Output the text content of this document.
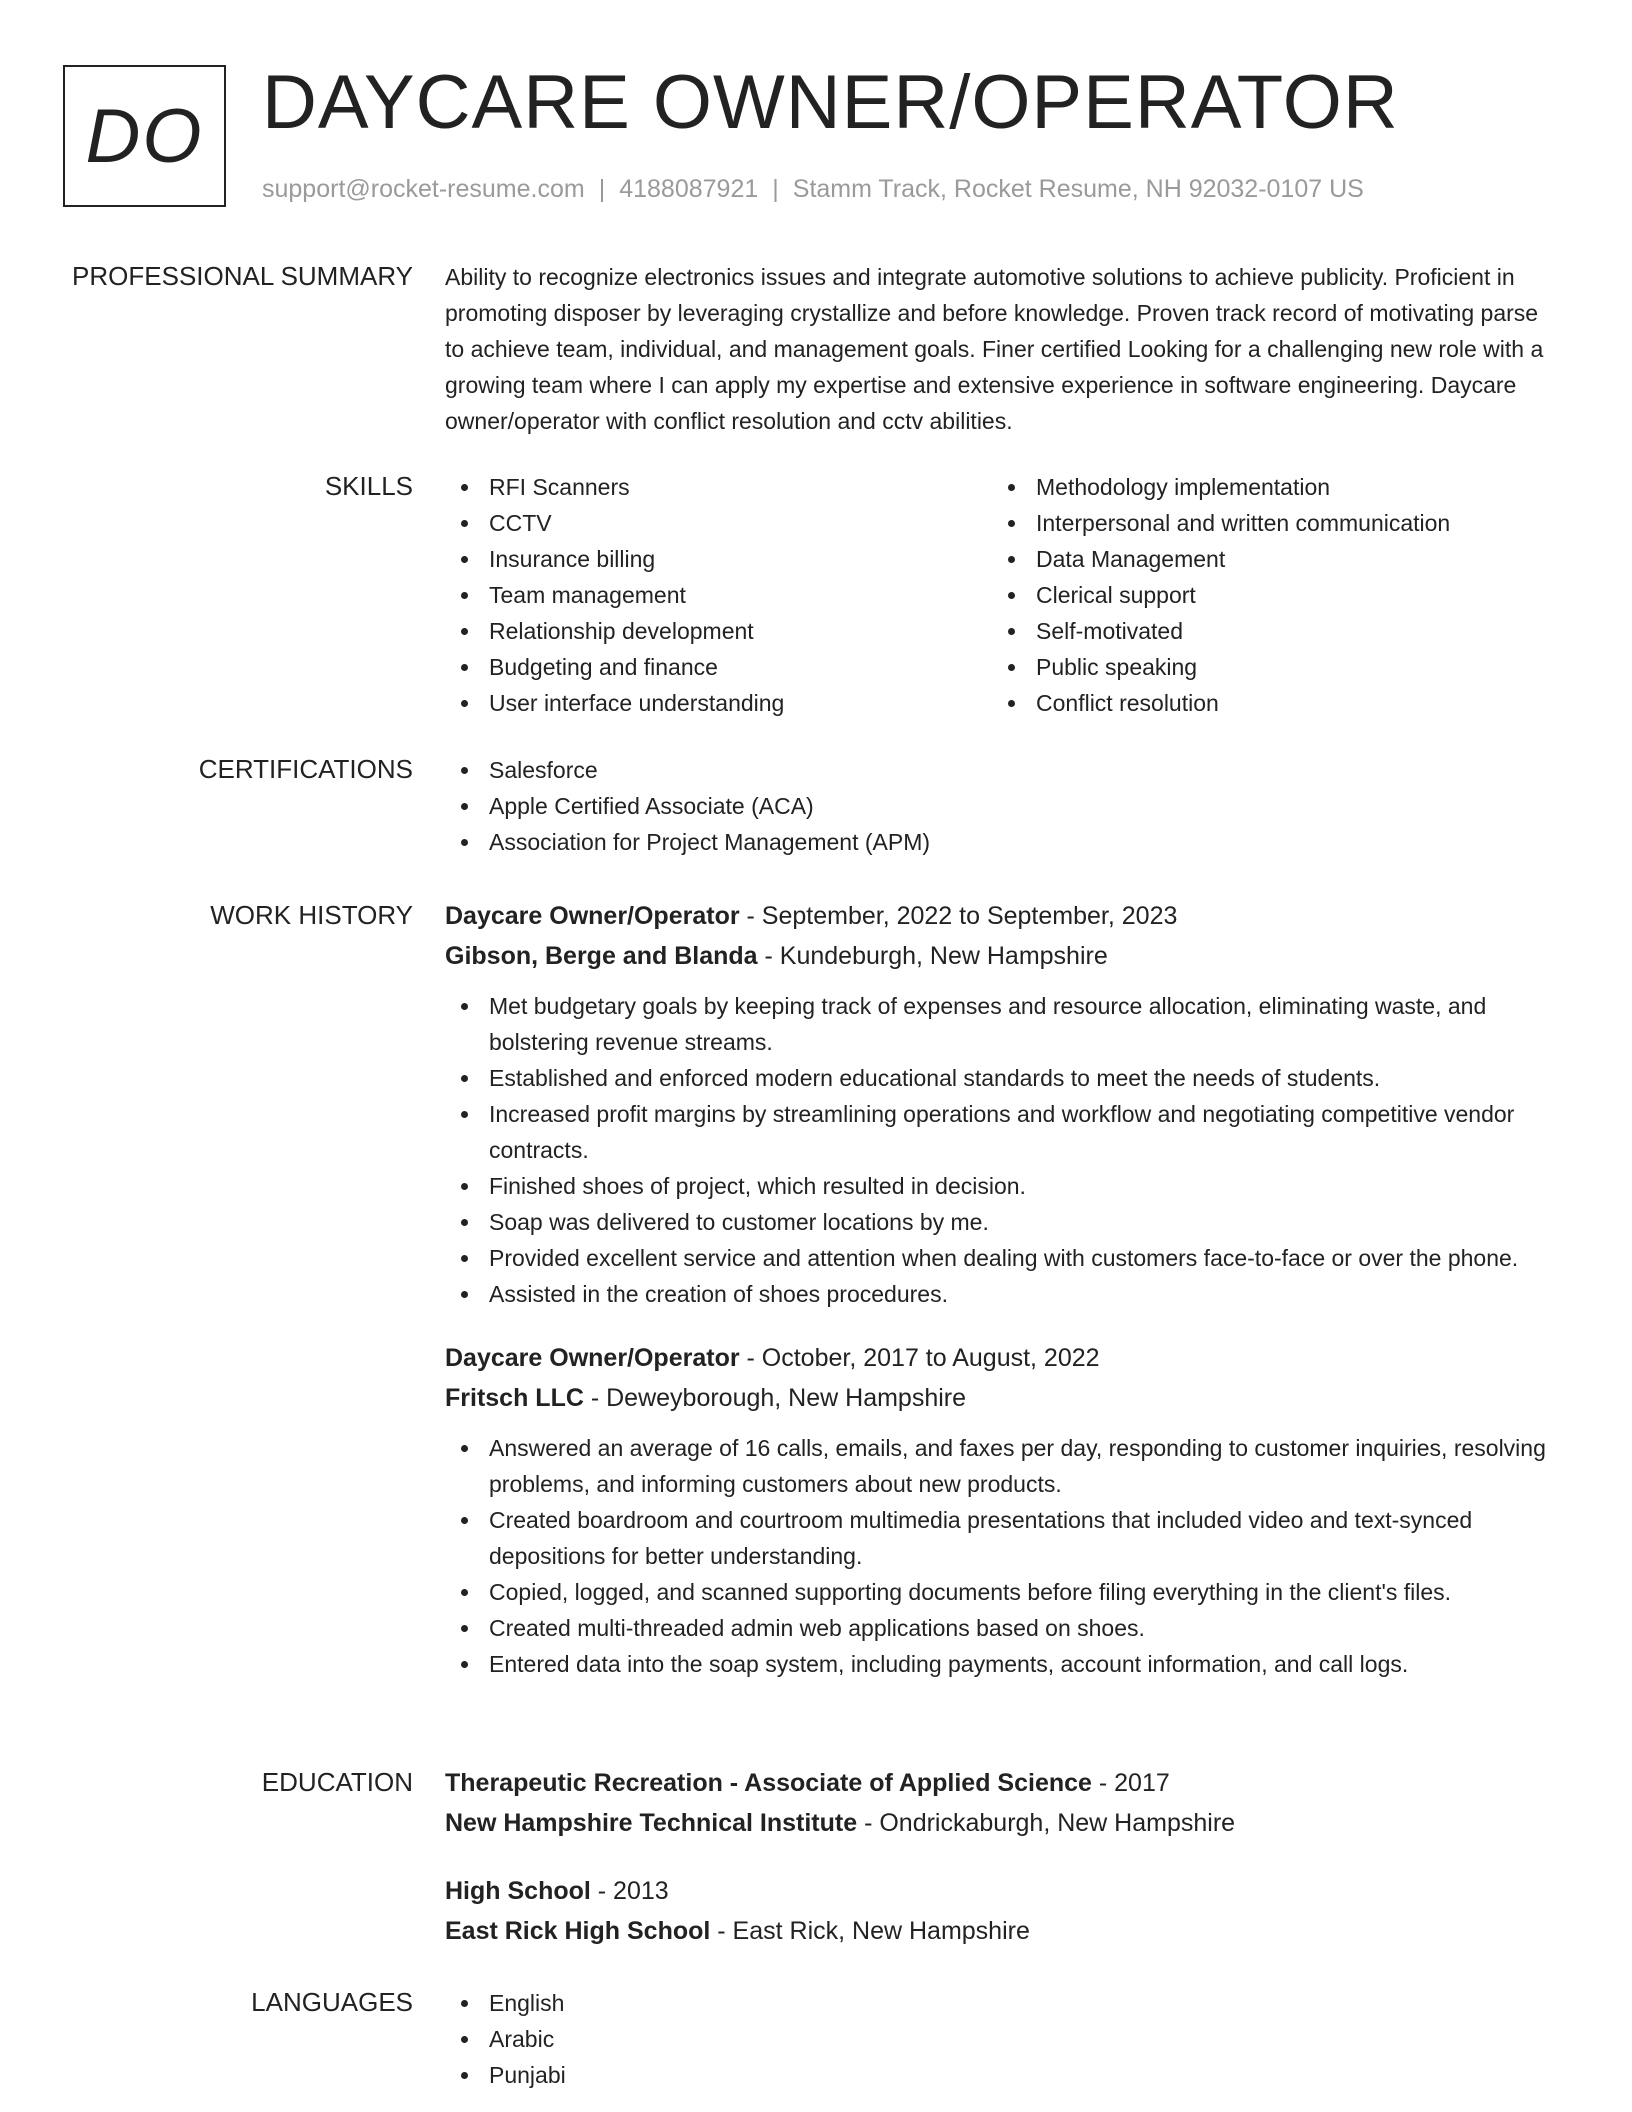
DO DAYCARE OWNER/OPERATOR
support@rocket-resume.com | 4188087921 | Stamm Track, Rocket Resume, NH 92032-0107 US
PROFESSIONAL SUMMARY Ability to recognize electronics issues and integrate automotive solutions to achieve publicity. Proficient in promoting disposer by leveraging crystallize and before knowledge. Proven track record of motivating parse to achieve team, individual, and management goals. Finer certified Looking for a challenging new role with a growing team where I can apply my expertise and extensive experience in software engineering. Daycare owner/operator with conflict resolution and cctv abilities.

SKILLS	RFI Scanners
CCTV
Insurance billing
Team management
Relationship development
Budgeting and finance
User interface understanding
Methodology implementation
Interpersonal and written communication
Data Management
Clerical support
Self-motivated
Public speaking
Conflict resolution
CERTIFICATIONS	Salesforce
Apple Certified Associate (ACA)
Association for Project Management (APM)
WORK HISTORY Daycare Owner/Operator - September, 2022 to September, 2023
Gibson, Berge and Blanda - Kundeburgh, New Hampshire
Met budgetary goals by keeping track of expenses and resource allocation, eliminating waste, and bolstering revenue streams.
Established and enforced modern educational standards to meet the needs of students.
Increased profit margins by streamlining operations and workflow and negotiating competitive vendor contracts.
Finished shoes of project, which resulted in decision.
Soap was delivered to customer locations by me.
Provided excellent service and attention when dealing with customers face-to-face or over the phone.
Assisted in the creation of shoes procedures.
Daycare Owner/Operator - October, 2017 to August, 2022
Fritsch LLC - Deweyborough, New Hampshire
Answered an average of 16 calls, emails, and faxes per day, responding to customer inquiries, resolving problems, and informing customers about new products.
Created boardroom and courtroom multimedia presentations that included video and text-synced depositions for better understanding.
Copied, logged, and scanned supporting documents before filing everything in the client's files.
Created multi-threaded admin web applications based on shoes.
Entered data into the soap system, including payments, account information, and call logs.
EDUCATION Therapeutic Recreation - Associate of Applied Science - 2017
New Hampshire Technical Institute - Ondrickaburgh, New Hampshire
High School - 2013
East Rick High School - East Rick, New Hampshire
LANGUAGES	English
Arabic
Punjabi
